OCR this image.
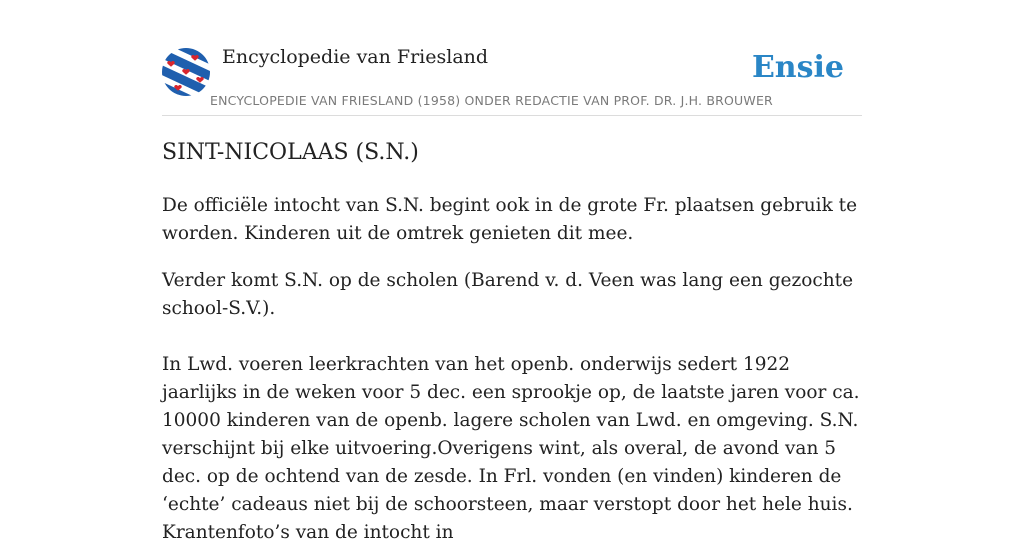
Encyclopedie van Friesland	Ensie
ENCYCLOPEDIE VAN FRIESLAND (1958) ONDER REDACTIE VAN PROF. DR. J.H. BROUWER
SINT-NICOLAAS (S.N.)

De officiële intocht van S.N. begint ook in de grote Fr. plaatsen gebruik te worden. Kinderen uit de omtrek genieten dit mee.

Verder komt S.N. op de scholen (Barend v. d. Veen was lang een gezochte school-S.V.).

In Lwd. voeren leerkrachten van het openb. onderwijs sedert 1922 jaarlijks in de weken voor 5 dec. een sprookje op, de laatste jaren voor ca. 10000 kinderen van de openb. lagere scholen van Lwd. en omgeving. S.N. verschijnt bij elke uitvoering.Overigens wint, als overal, de avond van 5 dec. op de ochtend van de zesde. In Frl. vonden (en vinden) kinderen de ‘echte’ cadeaus niet bij de schoorsteen, maar verstopt door het hele huis. Krantenfoto’s van de intocht in
